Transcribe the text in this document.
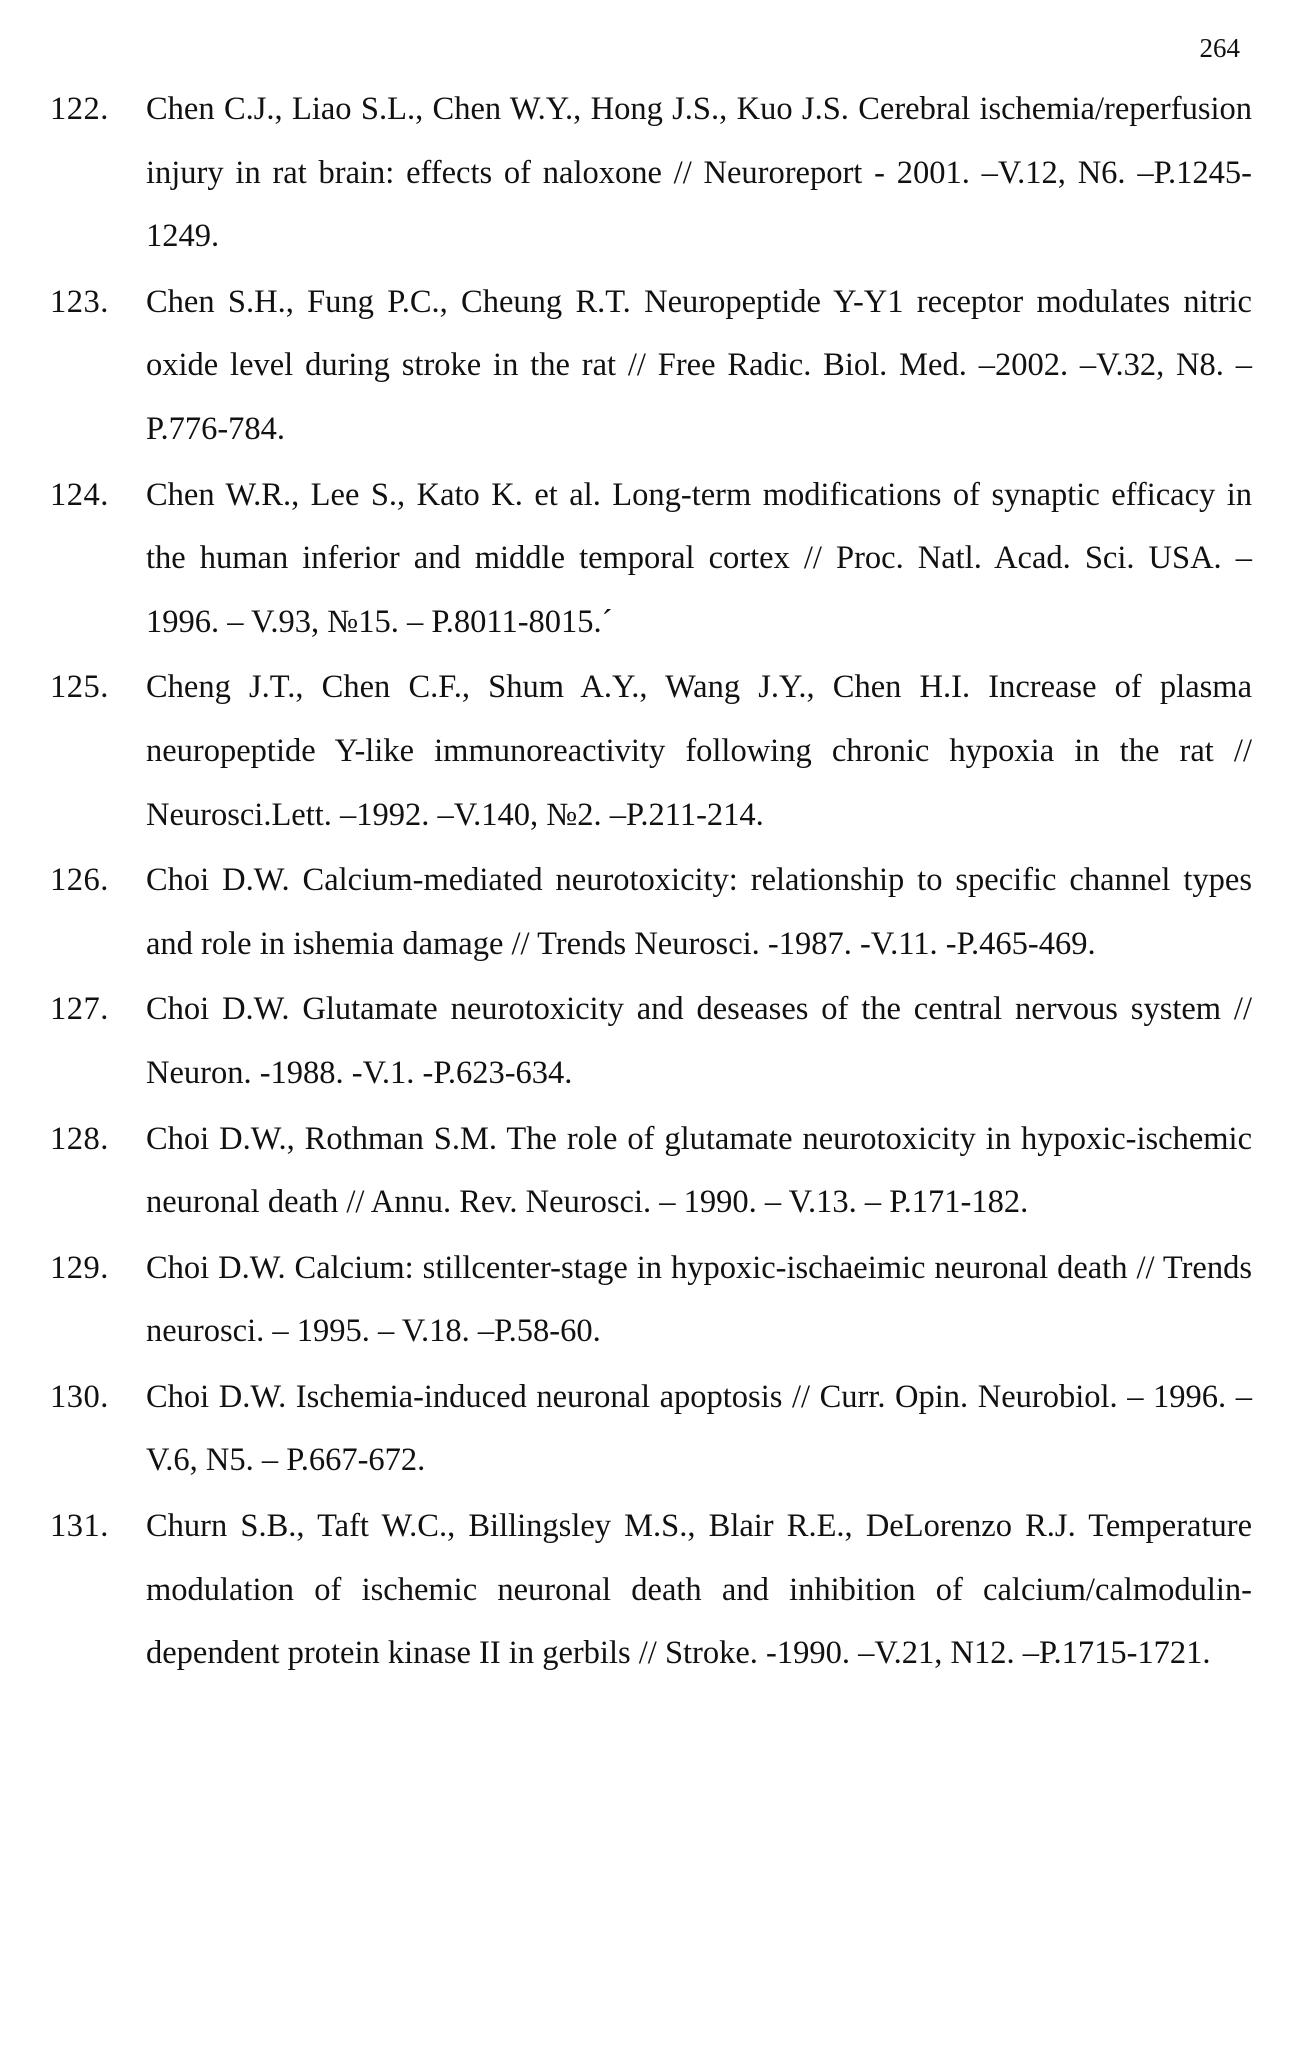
264
122. Chen C.J., Liao S.L., Chen W.Y., Hong J.S., Kuo J.S. Cerebral ischemia/reperfusion injury in rat brain: effects of naloxone // Neuroreport - 2001. –V.12, N6. –P.1245-1249.
123. Chen S.H., Fung P.C., Cheung R.T. Neuropeptide Y-Y1 receptor modulates nitric oxide level during stroke in the rat // Free Radic. Biol. Med. –2002. –V.32, N8. –P.776-784.
124. Chen W.R., Lee S., Kato K. et al. Long-term modifications of synaptic efficacy in the human inferior and middle temporal cortex // Proc. Natl. Acad. Sci. USA. – 1996. – V.93, №15. – P.8011-8015.ˊ
125. Cheng J.T., Chen C.F., Shum A.Y., Wang J.Y., Chen H.I. Increase of plasma neuropeptide Y-like immunoreactivity following chronic hypoxia in the rat // Neurosci.Lett. –1992. –V.140, №2. –P.211-214.
126. Choi D.W. Calcium-mediated neurotoxicity: relationship to specific channel types and role in ishemia damage // Trends Neurosci. -1987. -V.11. -P.465-469.
127. Choi D.W. Glutamate neurotoxicity and deseases of the central nervous system // Neuron. -1988. -V.1. -P.623-634.
128. Choi D.W., Rothman S.M. The role of glutamate neurotoxicity in hypoxic-ischemic neuronal death // Annu. Rev. Neurosci. – 1990. – V.13. – P.171-182.
129. Choi D.W. Calcium: stillcenter-stage in hypoxic-ischaeimic neuronal death // Trends neurosci. – 1995. – V.18. –P.58-60.
130. Choi D.W. Ischemia-induced neuronal apoptosis // Curr. Opin. Neurobiol. – 1996. – V.6, N5. – P.667-672.
131. Churn S.B., Taft W.C., Billingsley M.S., Blair R.E., DeLorenzo R.J. Temperature modulation of ischemic neuronal death and inhibition of calcium/calmodulin-dependent protein kinase II in gerbils // Stroke. -1990. –V.21, N12. –P.1715-1721.
